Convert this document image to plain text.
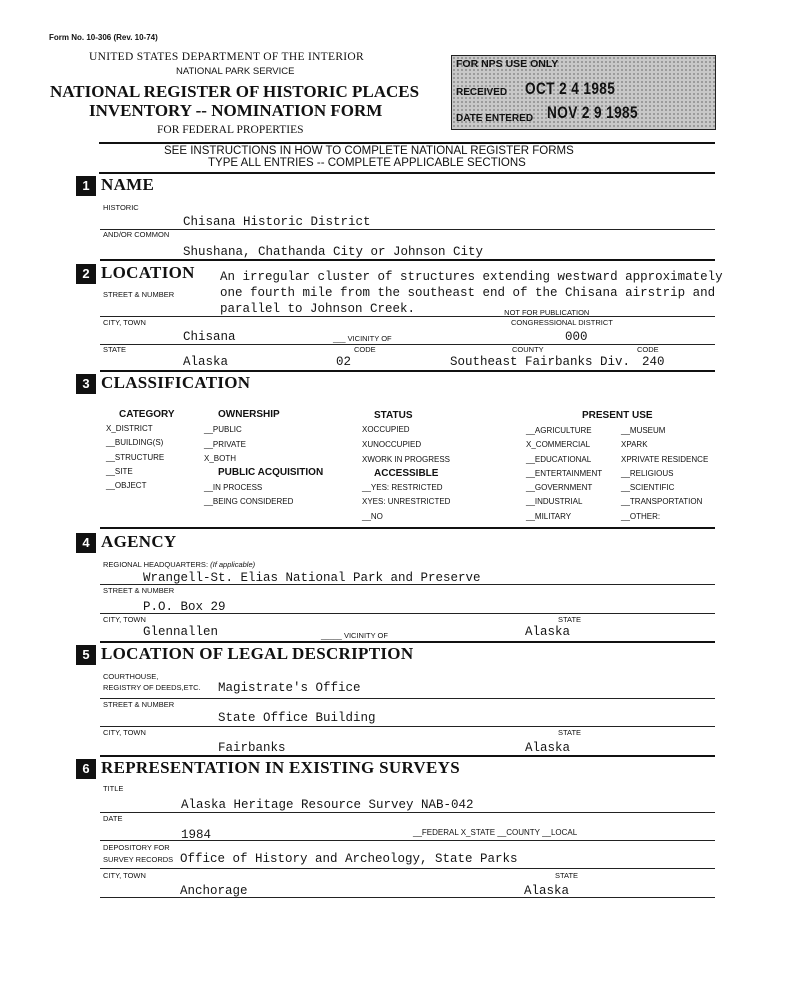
Form No. 10-306 (Rev. 10-74)
UNITED STATES DEPARTMENT OF THE INTERIOR
NATIONAL PARK SERVICE
NATIONAL REGISTER OF HISTORIC PLACES
INVENTORY -- NOMINATION FORM
FOR FEDERAL PROPERTIES
FOR NPS USE ONLY
RECEIVED OCT 2 4 1985
DATE ENTERED NOV 2 9 1985
SEE INSTRUCTIONS IN HOW TO COMPLETE NATIONAL REGISTER FORMS
TYPE ALL ENTRIES -- COMPLETE APPLICABLE SECTIONS
1 NAME
HISTORIC
Chisana Historic District
AND/OR COMMON
Shushana, Chathanda City or Johnson City
2 LOCATION An irregular cluster of structures extending westward approximately
STREET & NUMBER	one fourth mile from the southeast end of the Chisana airstrip and
parallel to Johnson Creek.	_NOT FOR PUBLICATION
CITY, TOWN	CONGRESSIONAL DISTRICT
Chisana	___ VICINITY OF	000
STATE	CODE	COUNTY	CODE
Alaska	02	Southeast Fairbanks Div. 240
3 CLASSIFICATION
CATEGORY
X_DISTRICT
__BUILDING(S)
__STRUCTURE
__SITE
__OBJECT
OWNERSHIP
__PUBLIC
__PRIVATE
X_BOTH
PUBLIC ACQUISITION
__IN PROCESS
__BEING CONSIDERED
STATUS
XOCCUPIED
XUNOCCUPIED
XWORK IN PROGRESS
ACCESSIBLE
__YES: RESTRICTED
XYES: UNRESTRICTED
__NO
PRESENT USE
__AGRICULTURE
X_COMMERCIAL
__EDUCATIONAL
__ENTERTAINMENT
__GOVERNMENT
__INDUSTRIAL
__MILITARY
__MUSEUM
XPARK
XPRIVATE RESIDENCE
__RELIGIOUS
__SCIENTIFIC
__TRANSPORTATION
__OTHER:
4 AGENCY
REGIONAL HEADQUARTERS: (If applicable)
Wrangell-St. Elias National Park and Preserve
STREET & NUMBER
P.O. Box 29
CITY, TOWN	STATE
Glennallen	_____ VICINITY OF	Alaska
5 LOCATION OF LEGAL DESCRIPTION
COURTHOUSE,
REGISTRY OF DEEDS,ETC. Magistrate's Office
STREET & NUMBER
State Office Building
CITY, TOWN	STATE
Fairbanks	Alaska
6 REPRESENTATION IN EXISTING SURVEYS
TITLE
Alaska Heritage Resource Survey NAB-042
DATE
1984	__FEDERAL X_STATE __COUNTY __LOCAL
DEPOSITORY FOR
SURVEY RECORDS Office of History and Archeology, State Parks
CITY, TOWN	STATE
Anchorage	Alaska
